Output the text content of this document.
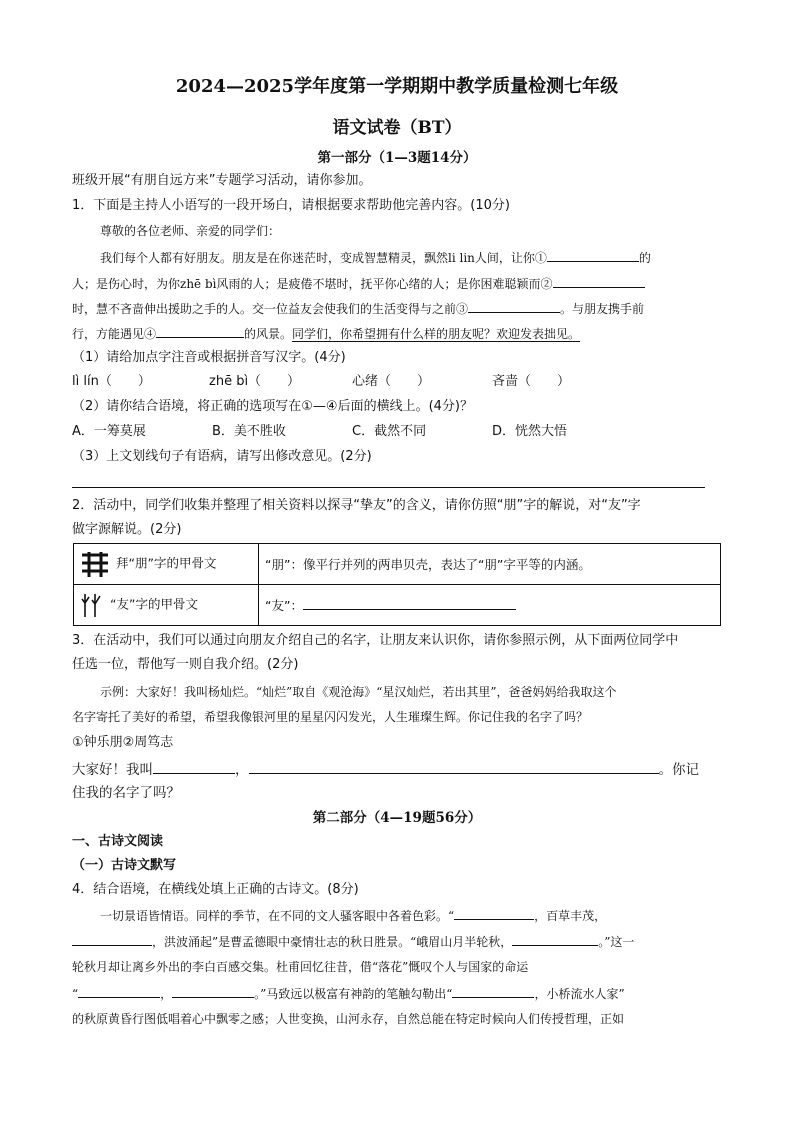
2024—2025学年度第一学期期中教学质量检测七年级
语文试卷（BT）
第一部分（1—3题14分）
班级开展“有朋自远方来”专题学习活动，请你参加。
1．下面是主持人小语写的一段开场白，请根据要求帮助他完善内容。(10分)
尊敬的各位老师、亲爱的同学们：
我们每个人都有好朋友。朋友是在你迷茫时，变成智慧精灵，飘然li lin人间，让你①	的
人；是伤心时，为你zhē bì风雨的人；是疲倦不堪时，抚平你心绪的人；是你困难聪颖而②
时，慧不吝啬伸出援助之手的人。交一位益友会使我们的生活变得与之前③	。与朋友携手前
行，方能遇见④	的风景。同学们，你希望拥有什么样的朋友呢？欢迎发表拙见。
（1）请给加点字注音或根据拼音写汉字。(4分)
lì lín（　　）	zhē bì（　　）	心绪（　　）	吝啬（　　）
（2）请你结合语境，将正确的选项写在①—④后面的横线上。(4分)？
A．一筹莫展	B．美不胜收	C．截然不同	D．恍然大悟
（3）上文划线句子有语病，请写出修改意见。(2分)
2．活动中，同学们收集并整理了相关资料以探寻“挚友”的含义，请你仿照“朋”字的解说，对“友”字
做字源解说。(2分)
拜“朋”字的甲骨文	“朋”：像平行并列的两串贝壳，表达了“朋”字平等的内涵。
“友”字的甲骨文	“友”：
3．在活动中，我们可以通过向朋友介绍自己的名字，让朋友来认识你，请你参照示例，从下面两位同学中
任选一位，帮他写一则自我介绍。(2分)
示例：大家好！我叫杨灿烂。“灿烂”取自《观沧海》“星汉灿烂，若出其里”，爸爸妈妈给我取这个
名字寄托了美好的希望，希望我像银河里的星星闪闪发光，人生璀璨生辉。你记住我的名字了吗？
①钟乐朋②周笃志
大家好！我叫	，	。你记
住我的名字了吗？
第二部分（4—19题56分）
一、古诗文阅读
（一）古诗文默写
4．结合语境，在横线处填上正确的古诗文。(8分)
一切景语皆情语。同样的季节，在不同的文人骚客眼中各着色彩。“	，百草丰茂，
，洪波涌起”是曹孟德眼中豪情壮志的秋日胜景。“峨眉山月半轮秋，	。”这一
轮秋月却让离乡外出的李白百感交集。杜甫回忆往昔，借“落花”慨叹个人与国家的命运
“	，	。”马致远以极富有神韵的笔触勾勒出“	，小桥流水人家”
的秋原黄昏行图低唱着心中飘零之感；人世变换，山河永存，自然总能在特定时候向人们传授哲理，正如
